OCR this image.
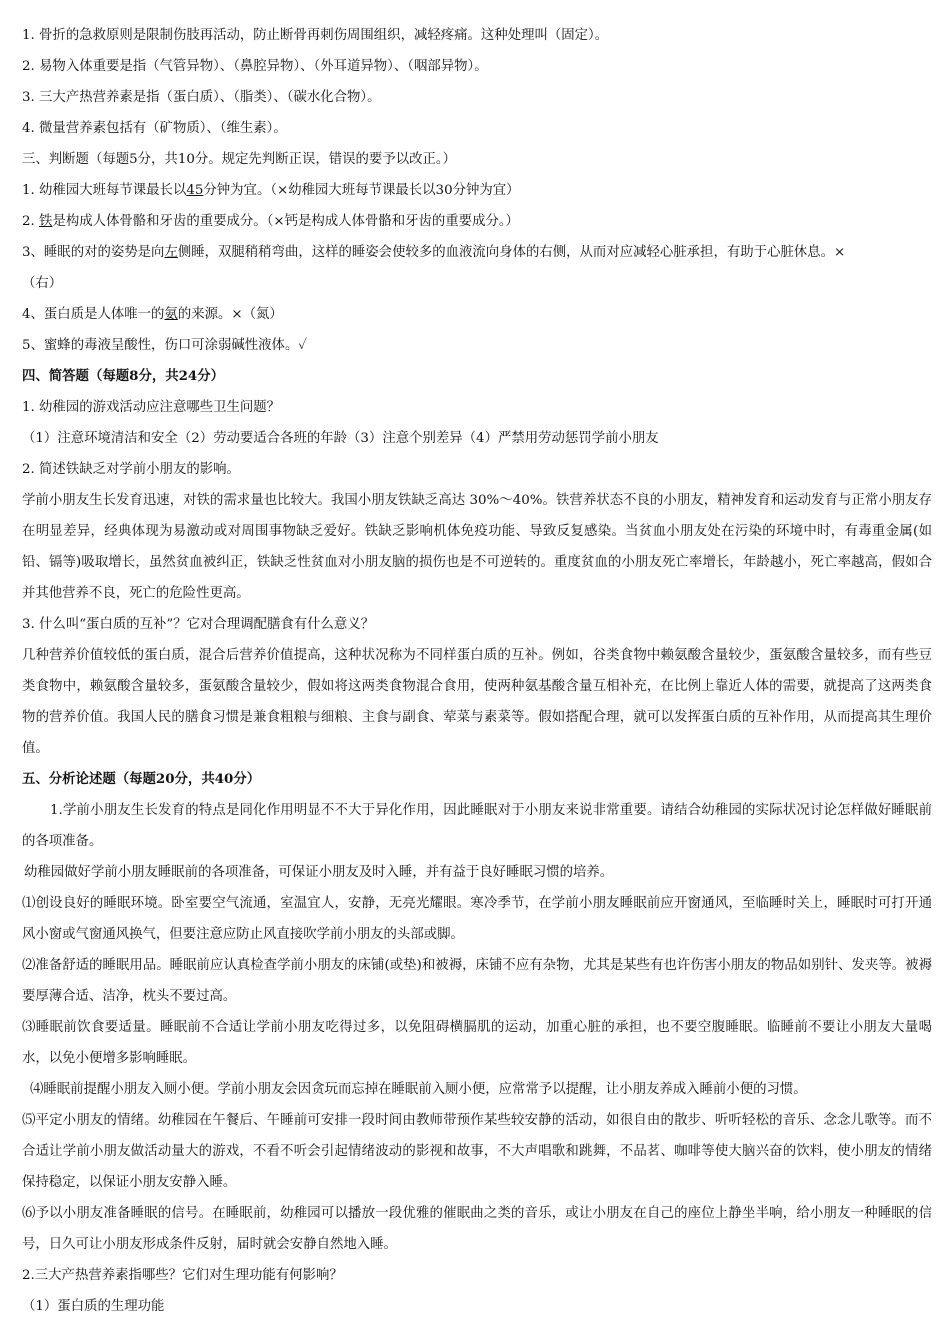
1. 骨折的急救原则是限制伤肢再活动，防止断骨再刺伤周围组织，减轻疼痛。这种处理叫（固定）。
2. 易物入体重要是指（气管异物）、（鼻腔异物）、（外耳道异物）、（咽部异物）。
3. 三大产热营养素是指（蛋白质）、（脂类）、（碳水化合物）。
4. 微量营养素包括有（矿物质）、（维生素）。
三、判断题（每题5分，共10分。规定先判断正误，错误的要予以改正。）
1. 幼稚园大班每节课最长以45分钟为宜。（×幼稚园大班每节课最长以30分钟为宜）
2. 铁是构成人体骨骼和牙齿的重要成分。（×钙是构成人体骨骼和牙齿的重要成分。）
3、睡眠的对的姿势是向左侧睡，双腿稍稍弯曲，这样的睡姿会使较多的血液流向身体的右侧，从而对应减轻心脏承担，有助于心脏休息。×
（右）
4、蛋白质是人体唯一的氨的来源。×（氮）
5、蜜蜂的毒液呈酸性，伤口可涂弱碱性液体。✓
四、简答题（每题8分，共24分）
1. 幼稚园的游戏活动应注意哪些卫生问题？
（1）注意环境清洁和安全（2）劳动要适合各班的年龄（3）注意个别差异（4）严禁用劳动惩罚学前小朋友
2. 简述铁缺乏对学前小朋友的影响。
学前小朋友生长发育迅速，对铁的需求量也比较大。我国小朋友铁缺乏高达 30%～40%。铁营养状态不良的小朋友，精神发育和运动发育与正常小朋友存在明显差异，经典体现为易激动或对周围事物缺乏爱好。铁缺乏影响机体免疫功能、导致反复感染。当贫血小朋友处在污染的环境中时，有毒重金属(如铅、镉等)吸取增长，虽然贫血被纠正，铁缺乏性贫血对小朋友脑的损伤也是不可逆转的。重度贫血的小朋友死亡率增长，年龄越小，死亡率越高，假如合并其他营养不良，死亡的危险性更高。
3. 什么叫“蛋白质的互补”？它对合理调配膳食有什么意义？
几种营养价值较低的蛋白质，混合后营养价值提高，这种状况称为不同样蛋白质的互补。例如，谷类食物中赖氨酸含量较少，蛋氨酸含量较多，而有些豆类食物中，赖氨酸含量较多，蛋氨酸含量较少，假如将这两类食物混合食用，使两种氨基酸含量互相补充，在比例上靠近人体的需要，就提高了这两类食物的营养价值。我国人民的膳食习惯是兼食粗粮与细粮、主食与副食、荤菜与素菜等。假如搭配合理，就可以发挥蛋白质的互补作用，从而提高其生理价值。
五、分析论述题（每题20分，共40分）
1.学前小朋友生长发育的特点是同化作用明显不不大于异化作用，因此睡眠对于小朋友来说非常重要。请结合幼稚园的实际状况讨论怎样做好睡眠前的各项准备。
幼稚园做好学前小朋友睡眠前的各项准备，可保证小朋友及时入睡，并有益于良好睡眠习惯的培养。
⑴创设良好的睡眠环境。卧室要空气流通，室温宜人，安静，无亮光耀眼。寒冷季节，在学前小朋友睡眠前应开窗通风，至临睡时关上，睡眠时可打开通风小窗或气窗通风换气，但要注意应防止风直接吹学前小朋友的头部或脚。
⑵准备舒适的睡眠用品。睡眠前应认真检查学前小朋友的床铺(或垫)和被褥，床铺不应有杂物，尤其是某些有也许伤害小朋友的物品如别针、发夹等。被褥要厚薄合适、洁净，枕头不要过高。
⑶睡眠前饮食要适量。睡眠前不合适让学前小朋友吃得过多，以免阻碍横膈肌的运动，加重心脏的承担，也不要空腹睡眠。临睡前不要让小朋友大量喝水，以免小便增多影响睡眠。
⑷睡眠前提醒小朋友入厕小便。学前小朋友会因贪玩而忘掉在睡眠前入厕小便，应常常予以提醒，让小朋友养成入睡前小便的习惯。
⑸平定小朋友的情绪。幼稚园在午餐后、午睡前可安排一段时间由教师带预作某些较安静的活动，如很自由的散步、听听轻松的音乐、念念儿歌等。而不合适让学前小朋友做活动量大的游戏，不看不听会引起情绪波动的影视和故事，不大声唱歌和跳舞，不品茗、咖啡等使大脑兴奋的饮料，使小朋友的情绪保持稳定，以保证小朋友安静入睡。
⑹予以小朋友准备睡眠的信号。在睡眠前，幼稚园可以播放一段优雅的催眠曲之类的音乐，或让小朋友在自己的座位上静坐半响，给小朋友一种睡眠的信号，日久可让小朋友形成条件反射，届时就会安静自然地入睡。
2.三大产热营养素指哪些？它们对生理功能有何影响？
（1）蛋白质的生理功能
